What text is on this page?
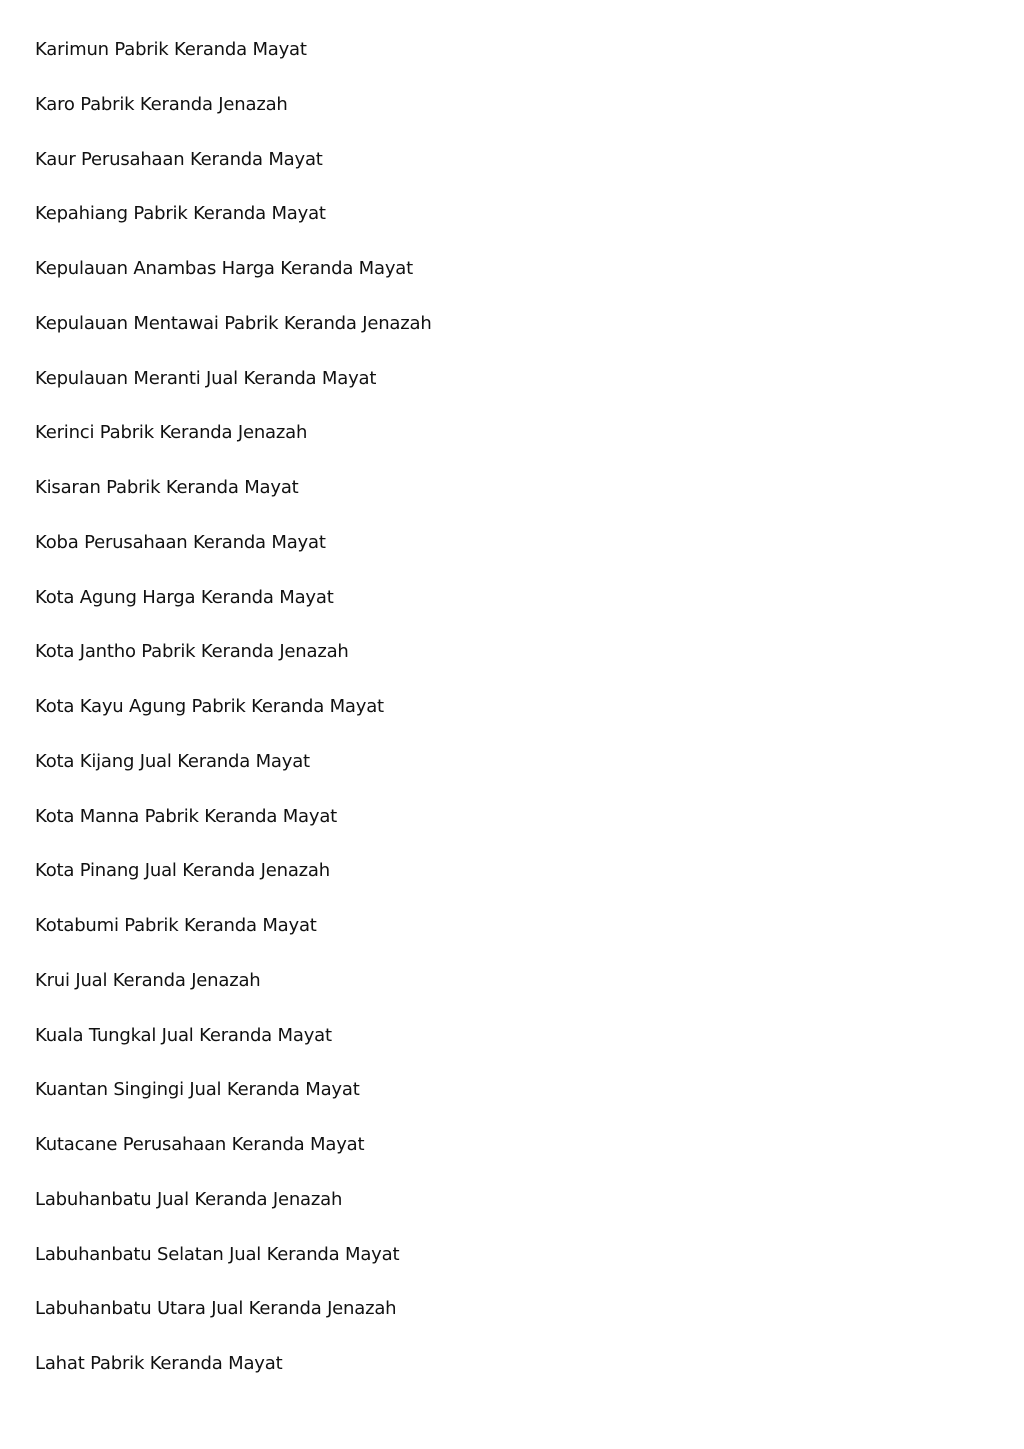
Karimun Pabrik Keranda Mayat
Karo Pabrik Keranda Jenazah
Kaur Perusahaan Keranda Mayat
Kepahiang Pabrik Keranda Mayat
Kepulauan Anambas Harga Keranda Mayat
Kepulauan Mentawai Pabrik Keranda Jenazah
Kepulauan Meranti Jual Keranda Mayat
Kerinci Pabrik Keranda Jenazah
Kisaran Pabrik Keranda Mayat
Koba Perusahaan Keranda Mayat
Kota Agung Harga Keranda Mayat
Kota Jantho Pabrik Keranda Jenazah
Kota Kayu Agung Pabrik Keranda Mayat
Kota Kijang Jual Keranda Mayat
Kota Manna Pabrik Keranda Mayat
Kota Pinang Jual Keranda Jenazah
Kotabumi Pabrik Keranda Mayat
Krui Jual Keranda Jenazah
Kuala Tungkal Jual Keranda Mayat
Kuantan Singingi Jual Keranda Mayat
Kutacane Perusahaan Keranda Mayat
Labuhanbatu Jual Keranda Jenazah
Labuhanbatu Selatan Jual Keranda Mayat
Labuhanbatu Utara Jual Keranda Jenazah
Lahat Pabrik Keranda Mayat
